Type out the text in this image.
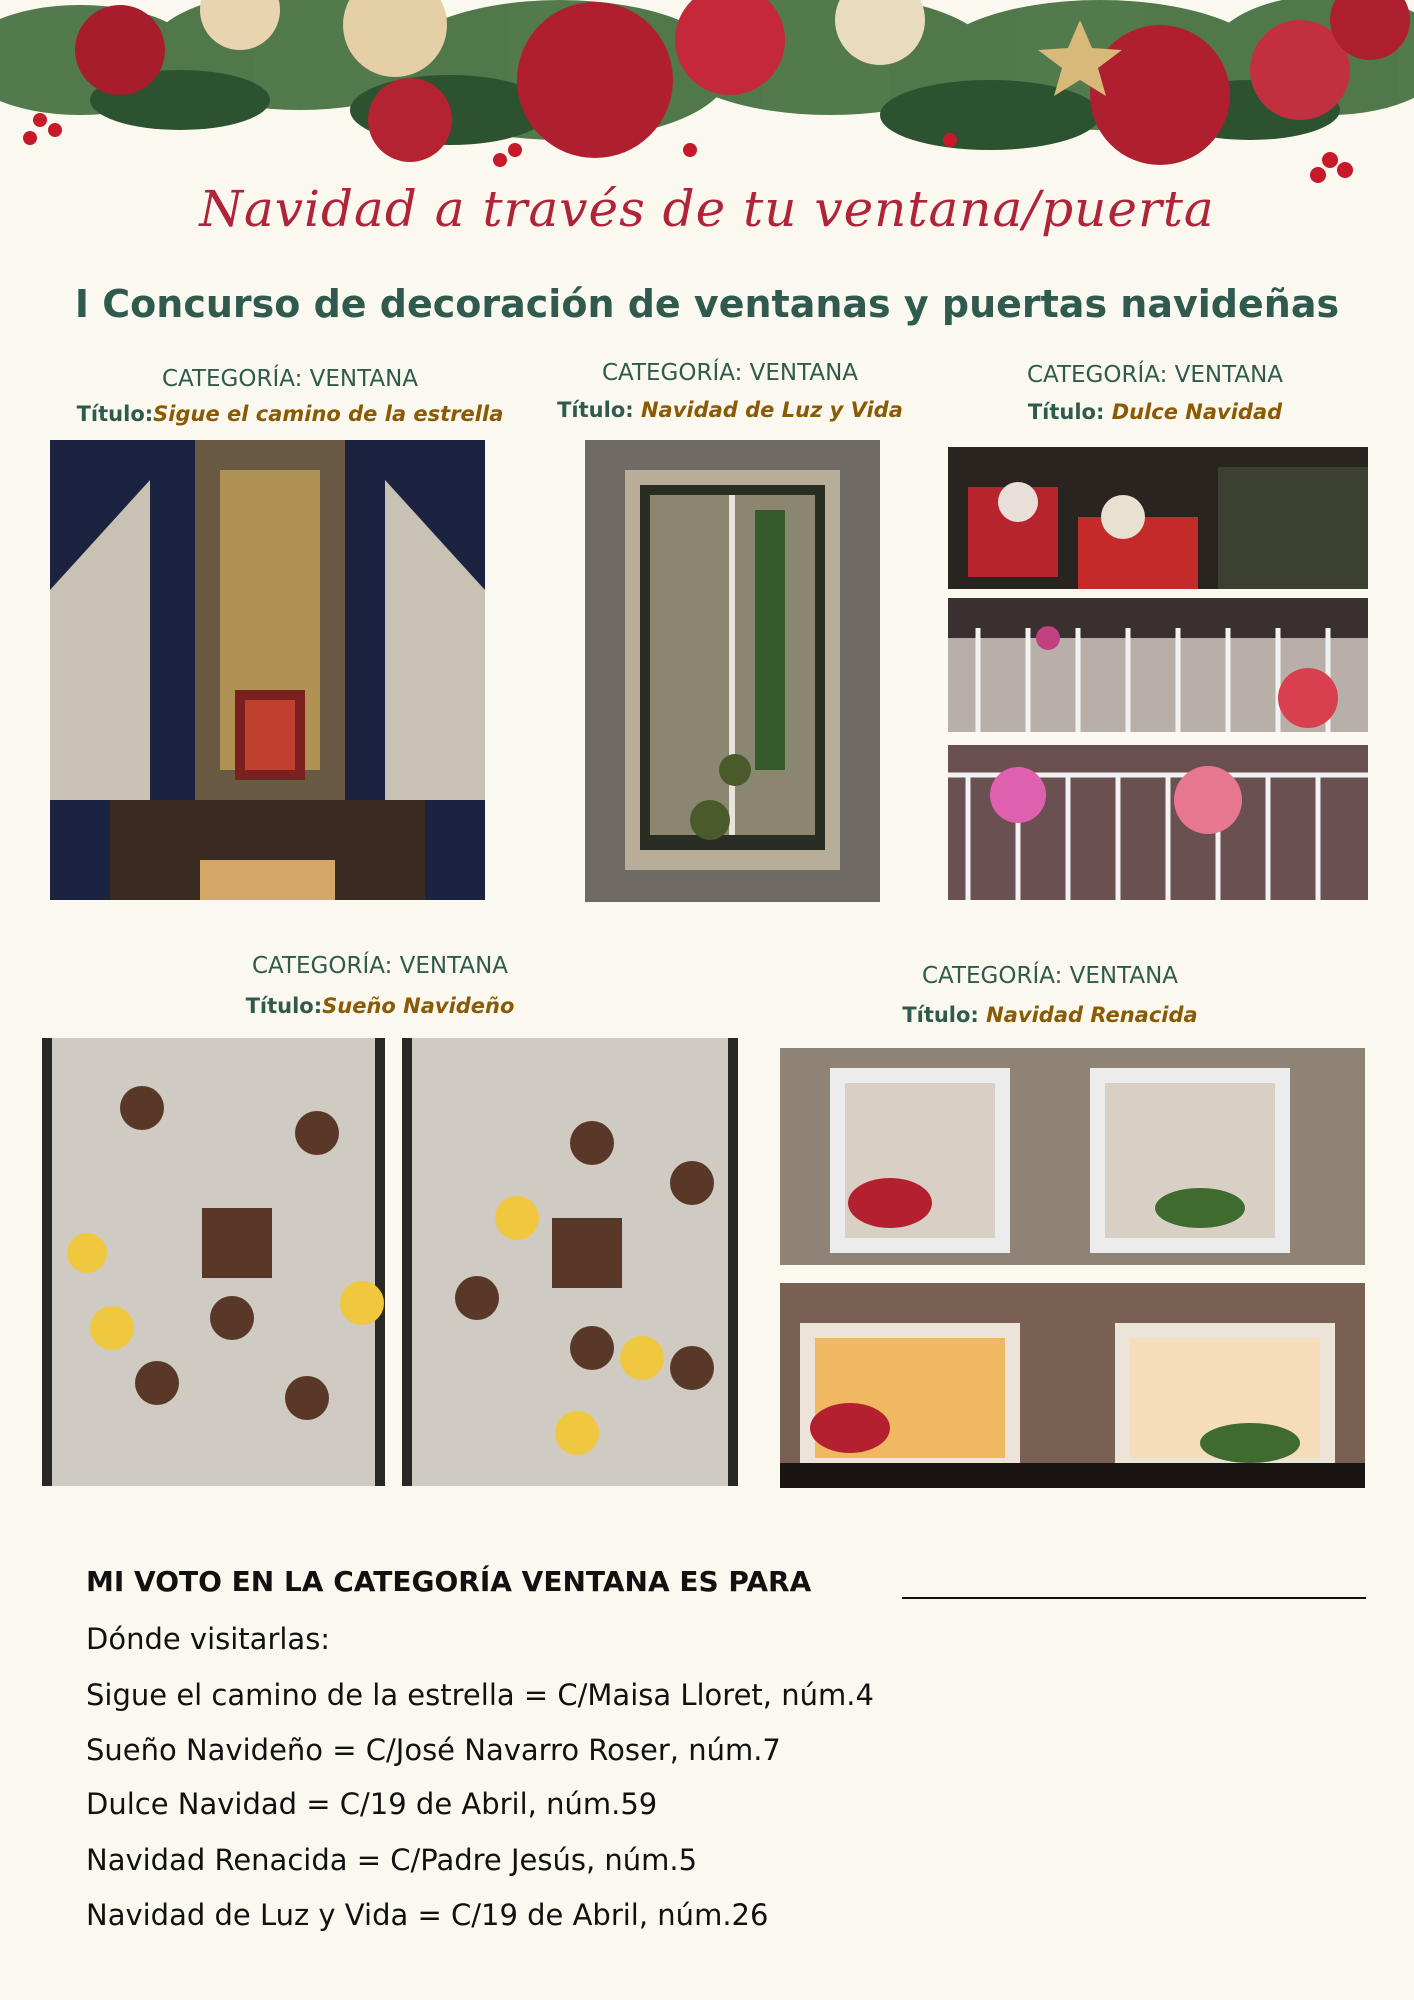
Navidad a través de tu ventana/puerta
I Concurso de decoración de ventanas y puertas navideñas
CATEGORÍA: VENTANA
Título:Sigue el camino de la estrella
CATEGORÍA: VENTANA
Título: Navidad de Luz y Vida
CATEGORÍA: VENTANA
Título: Dulce Navidad
CATEGORÍA: VENTANA
Título:Sueño Navideño
CATEGORÍA: VENTANA
Título: Navidad Renacida
MI VOTO EN LA CATEGORÍA VENTANA ES PARA
Dónde visitarlas:
Sigue el camino de la estrella = C/Maisa Lloret, núm.4
Sueño Navideño = C/José Navarro Roser, núm.7
Dulce Navidad = C/19 de Abril, núm.59
Navidad Renacida = C/Padre Jesús, núm.5
Navidad de Luz y Vida = C/19 de Abril, núm.26
